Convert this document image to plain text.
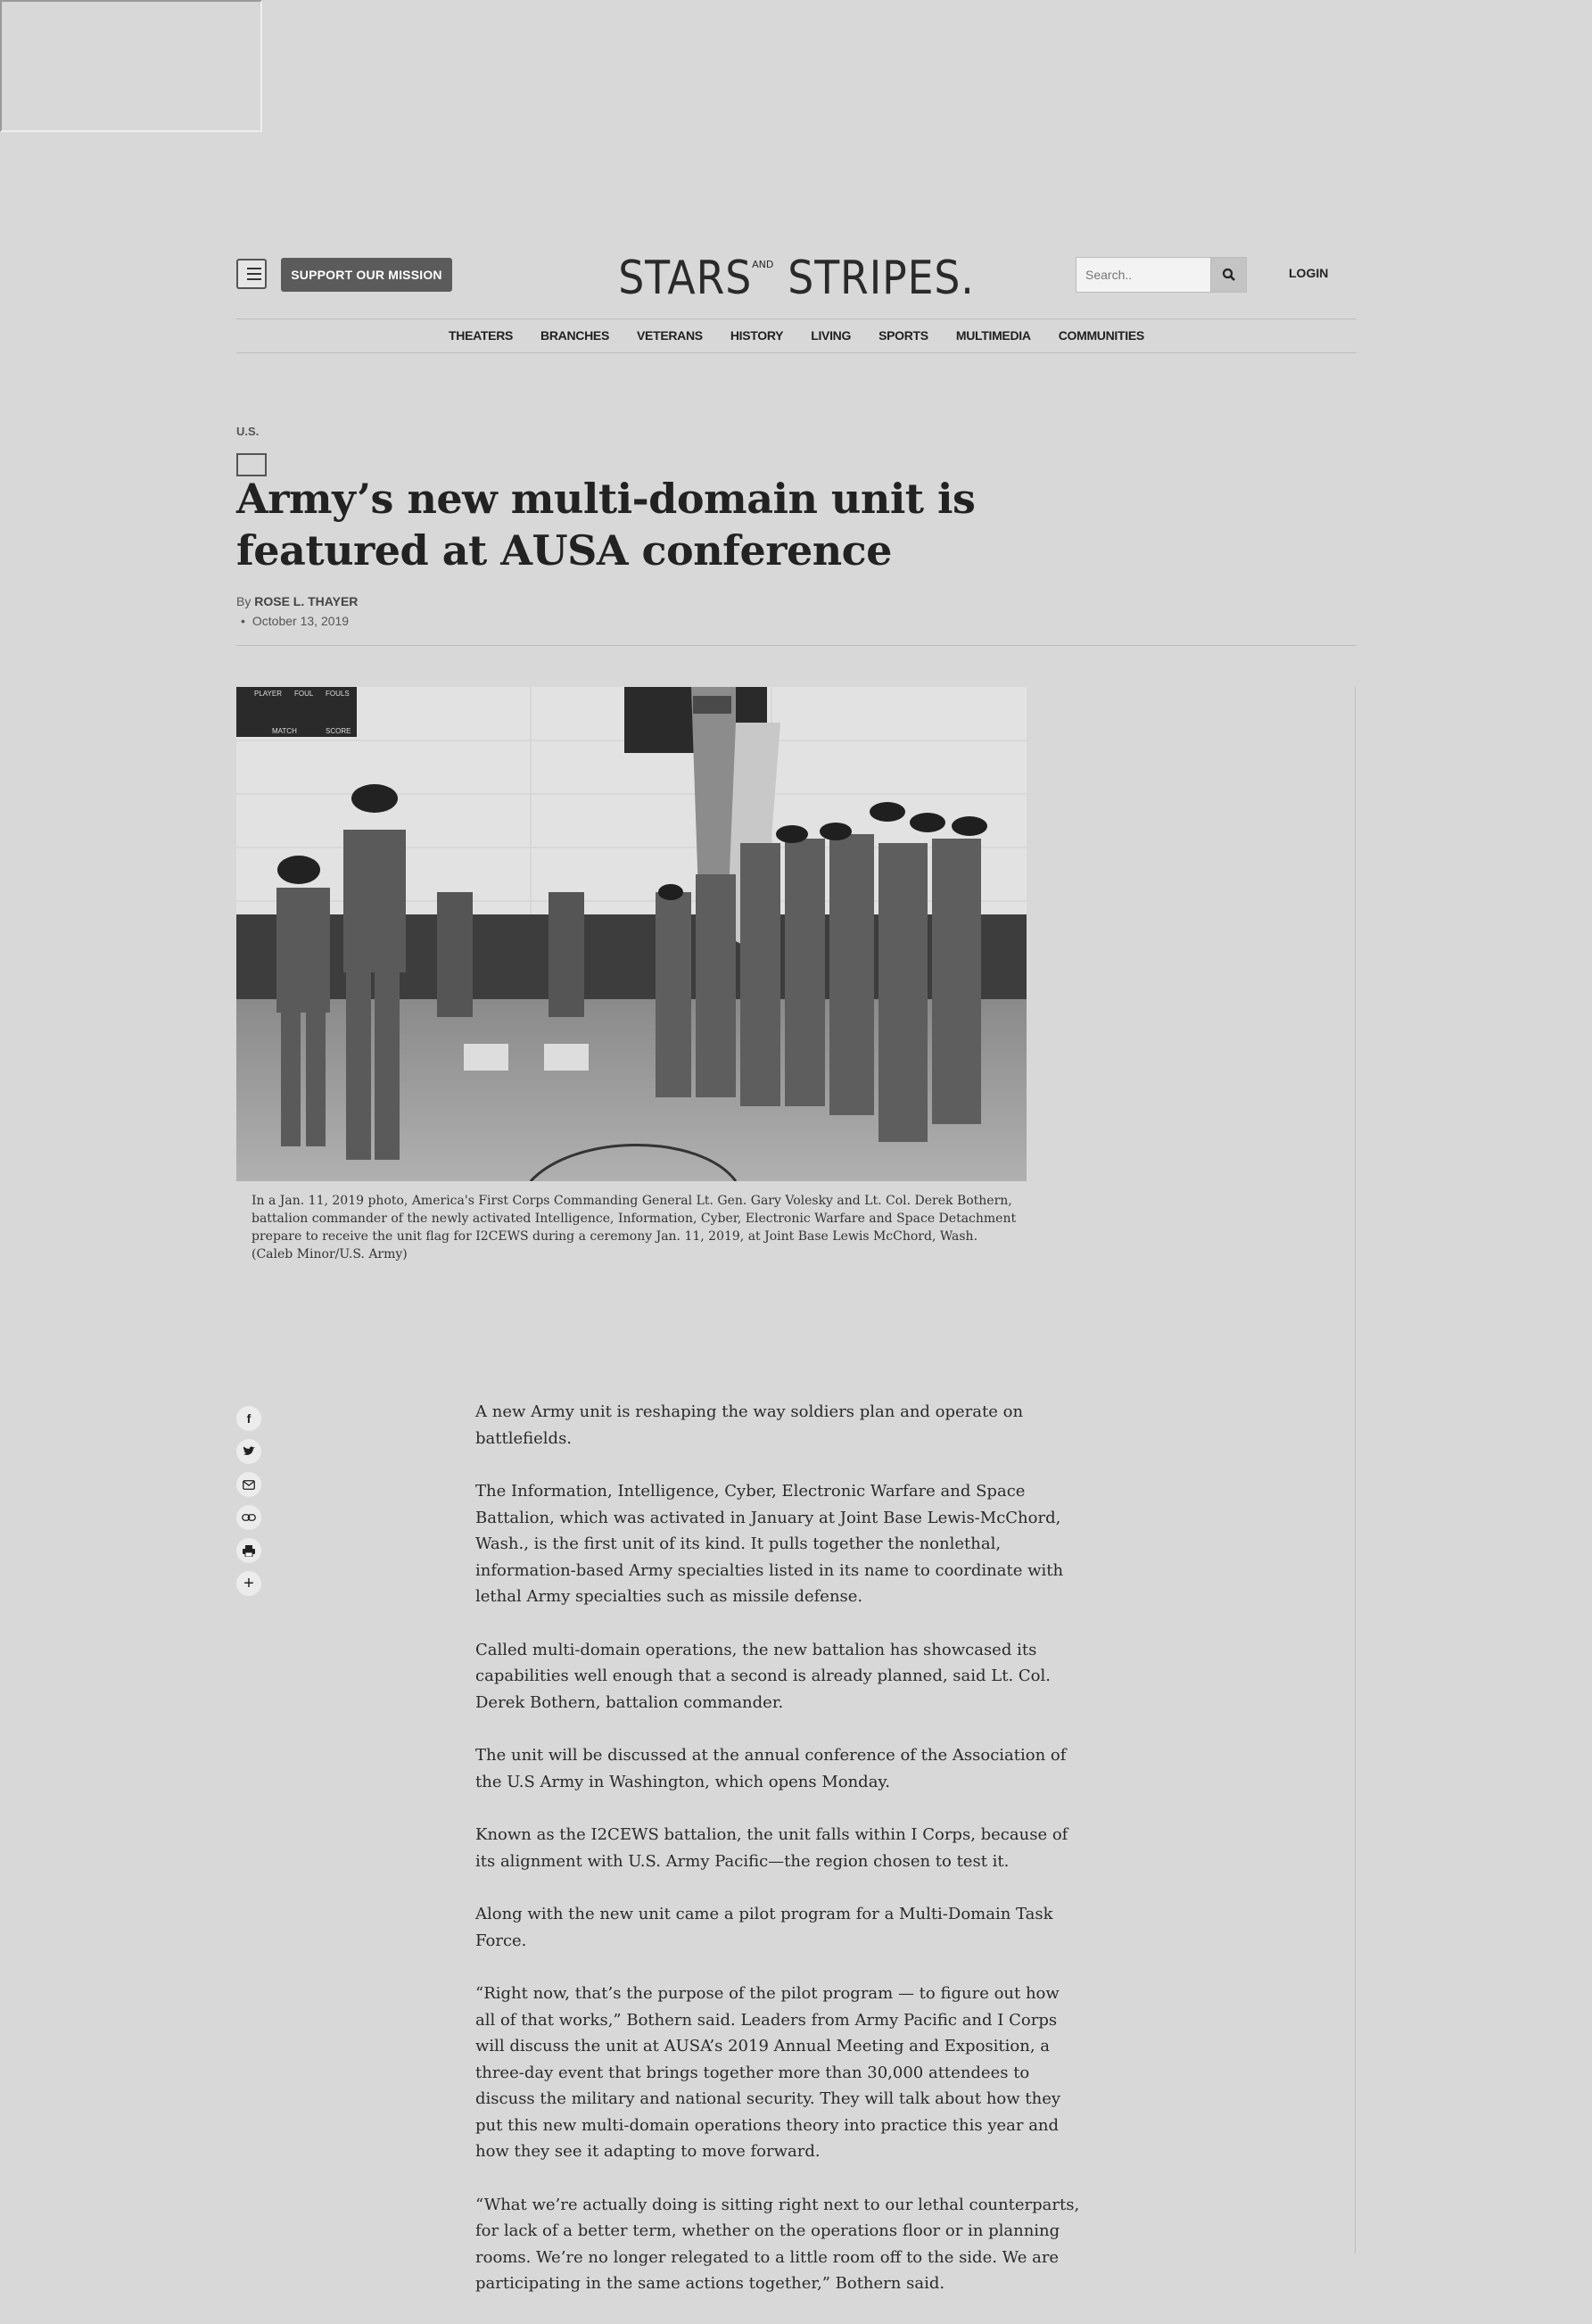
SUPPORT OUR MISSION	STARS AND STRIPES.
Search..	LOGIN
THEATERS BRANCHES VETERANS HISTORY LIVING SPORTS MULTIMEDIA COMMUNITIES
U.S.
Army’s new multi-domain unit is featured at AUSA conference
By ROSE L. THAYER
• October 13, 2019
PLAYER FOUL FOULS
MATCH	SCORE
In a Jan. 11, 2019 photo, America's First Corps Commanding General Lt. Gen. Gary Volesky and Lt. Col. Derek Bothern, battalion commander of the newly activated Intelligence, Information, Cyber, Electronic Warfare and Space Detachment prepare to receive the unit flag for I2CEWS during a ceremony Jan. 11, 2019, at Joint Base Lewis McChord, Wash. (Caleb Minor/U.S. Army)
f
+

A new Army unit is reshaping the way soldiers plan and operate on battlefields.

The Information, Intelligence, Cyber, Electronic Warfare and Space Battalion, which was activated in January at Joint Base Lewis-McChord, Wash., is the first unit of its kind. It pulls together the nonlethal, information-based Army specialties listed in its name to coordinate with lethal Army specialties such as missile defense.

Called multi-domain operations, the new battalion has showcased its capabilities well enough that a second is already planned, said Lt. Col. Derek Bothern, battalion commander.

The unit will be discussed at the annual conference of the Association of the U.S Army in Washington, which opens Monday.

Known as the I2CEWS battalion, the unit falls within I Corps, because of its alignment with U.S. Army Pacific—the region chosen to test it.

Along with the new unit came a pilot program for a Multi-Domain Task Force.

“Right now, that’s the purpose of the pilot program — to figure out how all of that works,” Bothern said. Leaders from Army Pacific and I Corps will discuss the unit at AUSA’s 2019 Annual Meeting and Exposition, a three-day event that brings together more than 30,000 attendees to discuss the military and national security. They will talk about how they put this new multi-domain operations theory into practice this year and how they see it adapting to move forward.

“What we’re actually doing is sitting right next to our lethal counterparts, for lack of a better term, whether on the operations floor or in planning rooms. We’re no longer relegated to a little room off to the side. We are participating in the same actions together,” Bothern said.
